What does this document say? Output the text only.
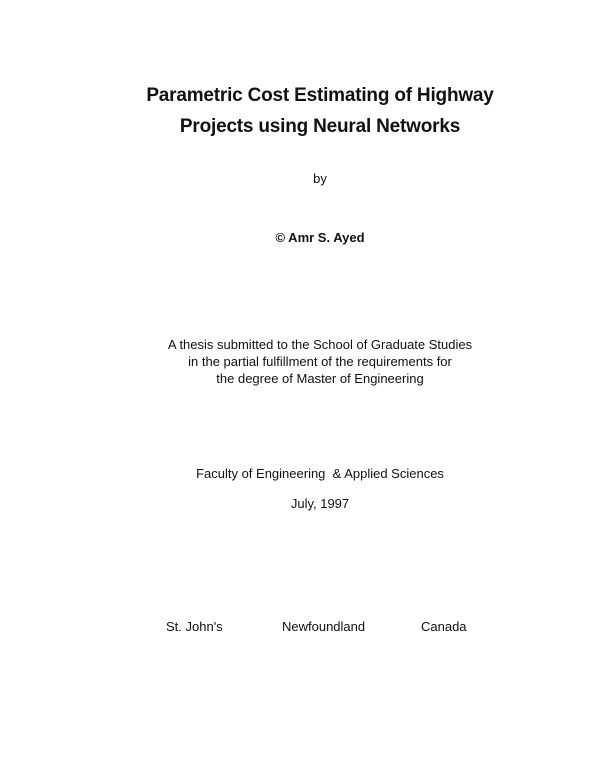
Parametric Cost Estimating of Highway
Projects using Neural Networks
by
© Amr S. Ayed
A thesis submitted to the School of Graduate Studies
in the partial fulfillment of the requirements for
the degree of Master of Engineering
Faculty of Engineering  & Applied Sciences
July, 1997
St. John's	Newfoundland	Canada
